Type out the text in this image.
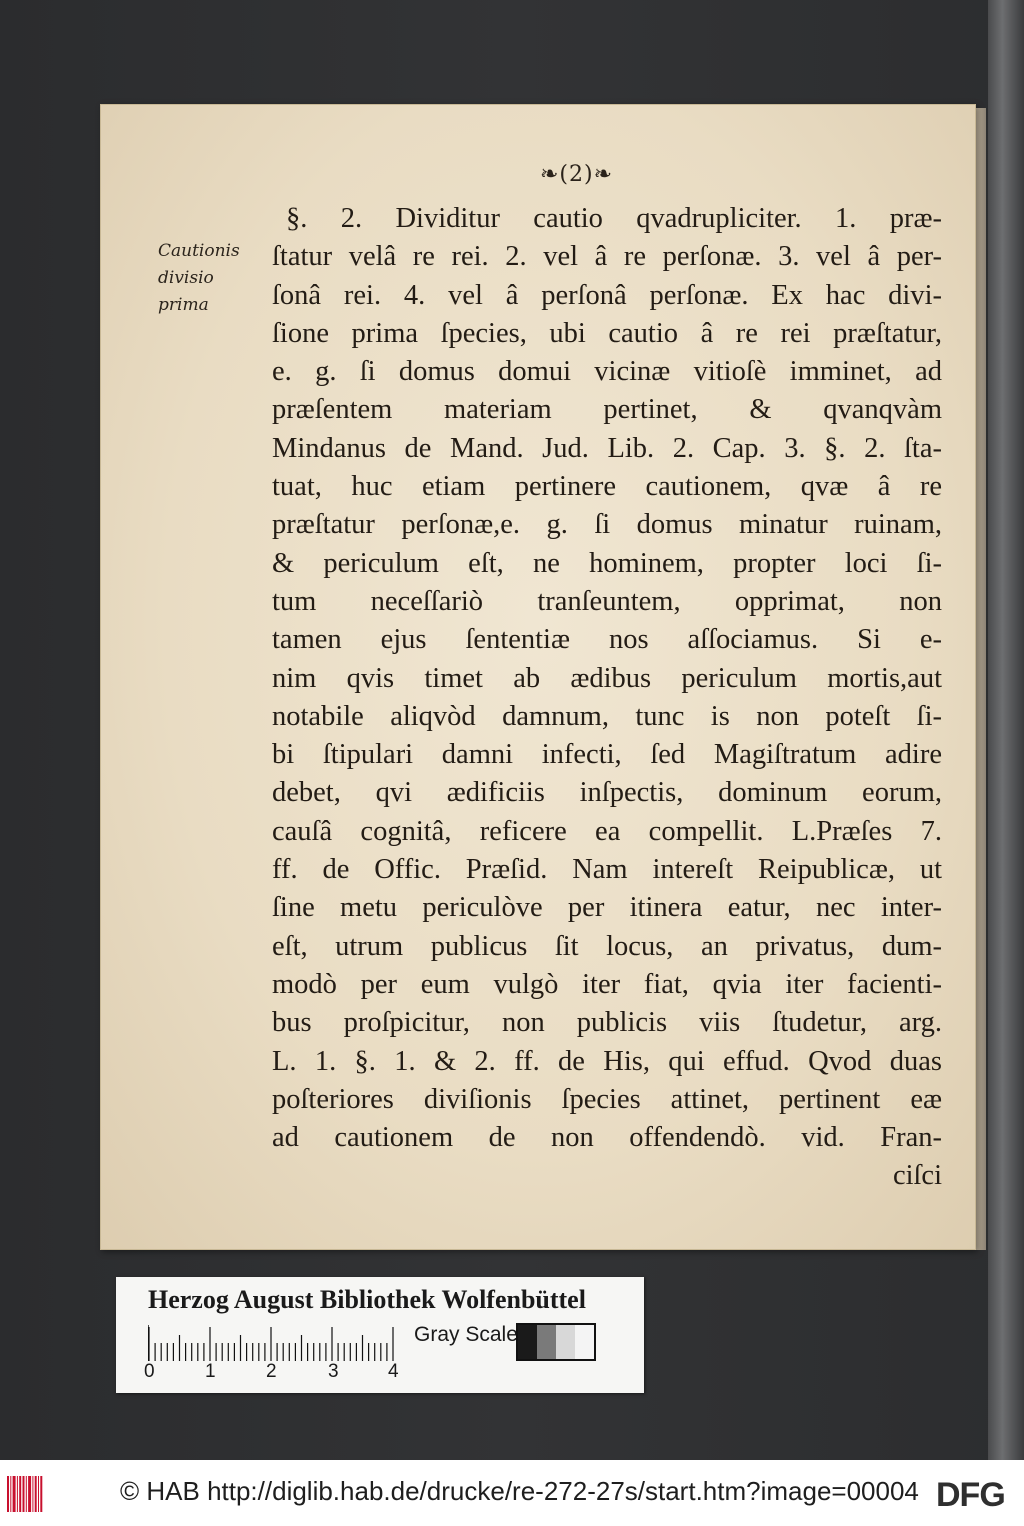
❧(2)❧
Cautionis
divisio
prima
§. 2. Dividitur cautio qvadrupliciter. 1. præ-
ſtatur velâ re rei. 2. vel â re perſonæ. 3. vel â per-
ſonâ rei. 4. vel â perſonâ perſonæ. Ex hac divi-
ſione prima ſpecies, ubi cautio â re rei præſtatur,
e. g. ſi domus domui vicinæ vitioſè imminet, ad
præſentem materiam pertinet, & qvanqvàm
Mindanus de Mand. Jud. Lib. 2. Cap. 3. §. 2. ſta-
tuat, huc etiam pertinere cautionem, qvæ â re
præſtatur perſonæ,e. g. ſi domus minatur ruinam,
& periculum eſt, ne hominem, propter loci ſi-
tum neceſſariò tranſeuntem, opprimat, non
tamen ejus ſententiæ nos aſſociamus. Si e-
nim qvis timet ab ædibus periculum mortis,aut
notabile aliqvòd damnum, tunc is non poteſt ſi-
bi ſtipulari damni infecti, ſed Magiſtratum adire
debet, qvi ædificiis inſpectis, dominum eorum,
cauſâ cognitâ, reficere ea compellit. L.Præſes 7.
ff. de Offic. Præſid. Nam intereſt Reipublicæ, ut
ſine metu periculòve per itinera eatur, nec inter-
eſt, utrum publicus ſit locus, an privatus, dum-
modò per eum vulgò iter fiat, qvia iter facienti-
bus proſpicitur, non publicis viis ſtudetur, arg.
L. 1. §. 1. & 2. ff. de His, qui effud. Qvod duas
poſteriores diviſionis ſpecies attinet, pertinent eæ
ad cautionem de non offendendò. vid. Fran-
ciſci
Herzog August Bibliothek Wolfenbüttel
0	1	2	3	4
Gray Scale
© HAB http://diglib.hab.de/drucke/re-272-27s/start.htm?image=00004 DFG
